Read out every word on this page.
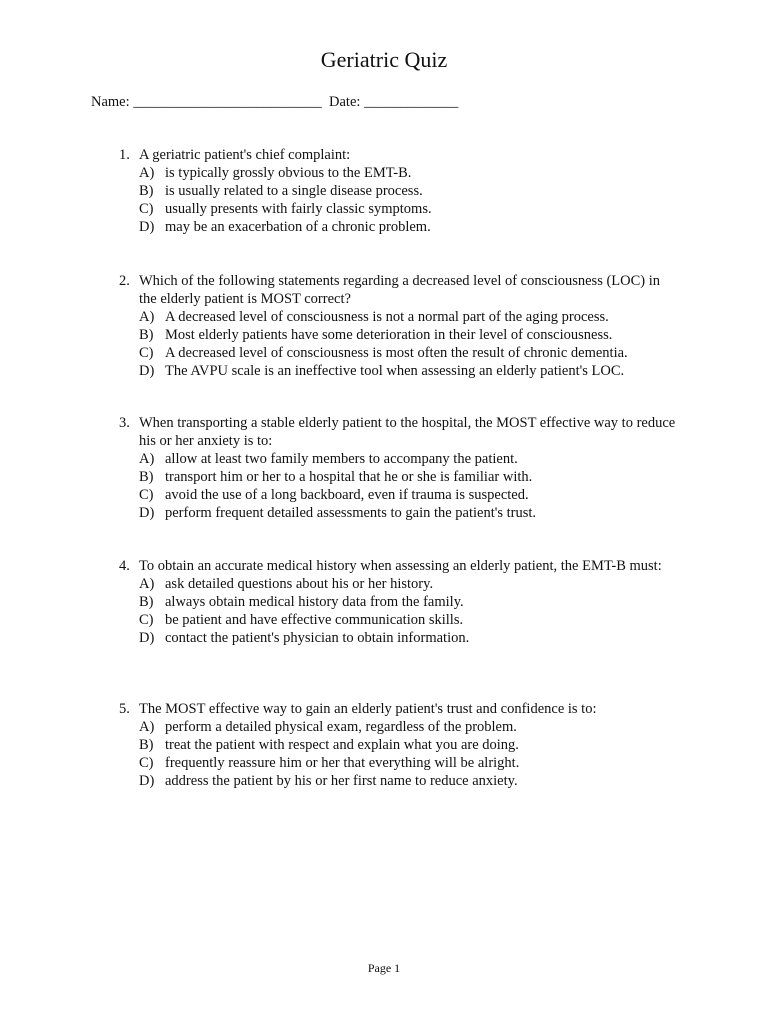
Geriatric Quiz
Name: __________________________  Date: _____________
1. A geriatric patient's chief complaint:
A) is typically grossly obvious to the EMT-B.
B) is usually related to a single disease process.
C) usually presents with fairly classic symptoms.
D) may be an exacerbation of a chronic problem.
2. Which of the following statements regarding a decreased level of consciousness (LOC) in the elderly patient is MOST correct?
A) A decreased level of consciousness is not a normal part of the aging process.
B) Most elderly patients have some deterioration in their level of consciousness.
C) A decreased level of consciousness is most often the result of chronic dementia.
D) The AVPU scale is an ineffective tool when assessing an elderly patient's LOC.
3. When transporting a stable elderly patient to the hospital, the MOST effective way to reduce his or her anxiety is to:
A) allow at least two family members to accompany the patient.
B) transport him or her to a hospital that he or she is familiar with.
C) avoid the use of a long backboard, even if trauma is suspected.
D) perform frequent detailed assessments to gain the patient's trust.
4. To obtain an accurate medical history when assessing an elderly patient, the EMT-B must:
A) ask detailed questions about his or her history.
B) always obtain medical history data from the family.
C) be patient and have effective communication skills.
D) contact the patient's physician to obtain information.
5. The MOST effective way to gain an elderly patient's trust and confidence is to:
A) perform a detailed physical exam, regardless of the problem.
B) treat the patient with respect and explain what you are doing.
C) frequently reassure him or her that everything will be alright.
D) address the patient by his or her first name to reduce anxiety.
Page 1
